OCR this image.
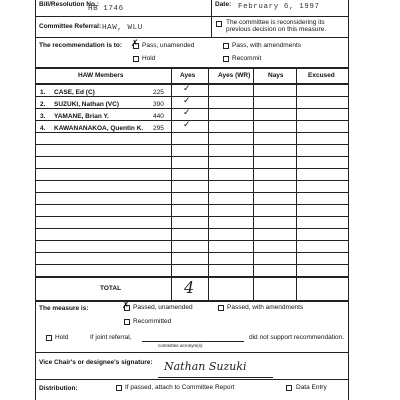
Bill/Resolution No.:
HB 1746
Date: February 6, 1997
Committee Referral: HAW, WLU
The committee is reconsidering its
previous decision on this measure.
The recommendation is to: ✗ Pass, unamended	Pass, with amendments
Hold	Recommit
HAW Members	Ayes	Ayes (WR)	Nays	Excused
1. CASE, Ed (C)	225 ✓
2. SUZUKI, Nathan (VC)	390 ✓
3. YAMANE, Brian Y.	440 ✓
4. KAWANANAKOA, Quentin K. 295 ✓
TOTAL	4
The measure is:	✗ Passed, unamended	Passed, with amendments
Recommitted
Hold	If joint referral,
committee acronym(s)
did not support recommendation.
Vice Chair's or designee's signature: Nathan Suzuki
Distribution:	If passed, attach to Committee Report	Data Entry
